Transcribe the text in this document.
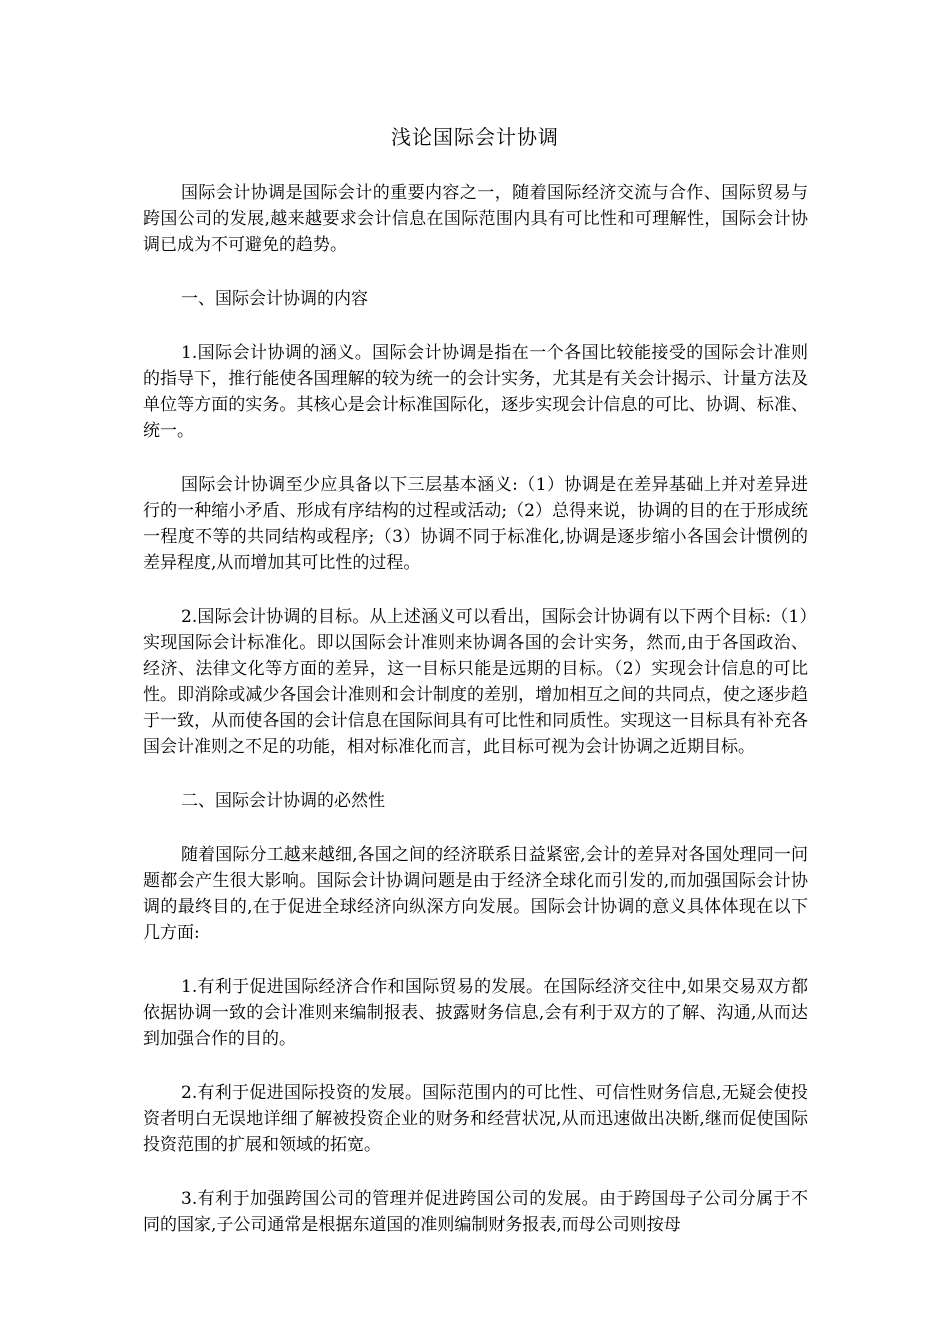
浅论国际会计协调

国际会计协调是国际会计的重要内容之一，随着国际经济交流与合作、国际贸易与跨国公司的发展,越来越要求会计信息在国际范围内具有可比性和可理解性，国际会计协调已成为不可避免的趋势。

一、国际会计协调的内容

1.国际会计协调的涵义。国际会计协调是指在一个各国比较能接受的国际会计准则的指导下，推行能使各国理解的较为统一的会计实务，尤其是有关会计揭示、计量方法及单位等方面的实务。其核心是会计标准国际化，逐步实现会计信息的可比、协调、标准、统一。

国际会计协调至少应具备以下三层基本涵义:（1）协调是在差异基础上并对差异进行的一种缩小矛盾、形成有序结构的过程或活动;（2）总得来说，协调的目的在于形成统一程度不等的共同结构或程序;（3）协调不同于标准化,协调是逐步缩小各国会计惯例的差异程度,从而增加其可比性的过程。

2.国际会计协调的目标。从上述涵义可以看出，国际会计协调有以下两个目标:（1）实现国际会计标准化。即以国际会计准则来协调各国的会计实务，然而,由于各国政治、经济、法律文化等方面的差异，这一目标只能是远期的目标。（2）实现会计信息的可比性。即消除或减少各国会计准则和会计制度的差别，增加相互之间的共同点，使之逐步趋于一致，从而使各国的会计信息在国际间具有可比性和同质性。实现这一目标具有补充各国会计准则之不足的功能，相对标准化而言，此目标可视为会计协调之近期目标。

二、国际会计协调的必然性

随着国际分工越来越细,各国之间的经济联系日益紧密,会计的差异对各国处理同一问题都会产生很大影响。国际会计协调问题是由于经济全球化而引发的,而加强国际会计协调的最终目的,在于促进全球经济向纵深方向发展。国际会计协调的意义具体体现在以下几方面:

1.有利于促进国际经济合作和国际贸易的发展。在国际经济交往中,如果交易双方都依据协调一致的会计准则来编制报表、披露财务信息,会有利于双方的了解、沟通,从而达到加强合作的目的。

2.有利于促进国际投资的发展。国际范围内的可比性、可信性财务信息,无疑会使投资者明白无误地详细了解被投资企业的财务和经营状况,从而迅速做出决断,继而促使国际投资范围的扩展和领域的拓宽。

3.有利于加强跨国公司的管理并促进跨国公司的发展。由于跨国母子公司分属于不同的国家,子公司通常是根据东道国的准则编制财务报表,而母公司则按母
